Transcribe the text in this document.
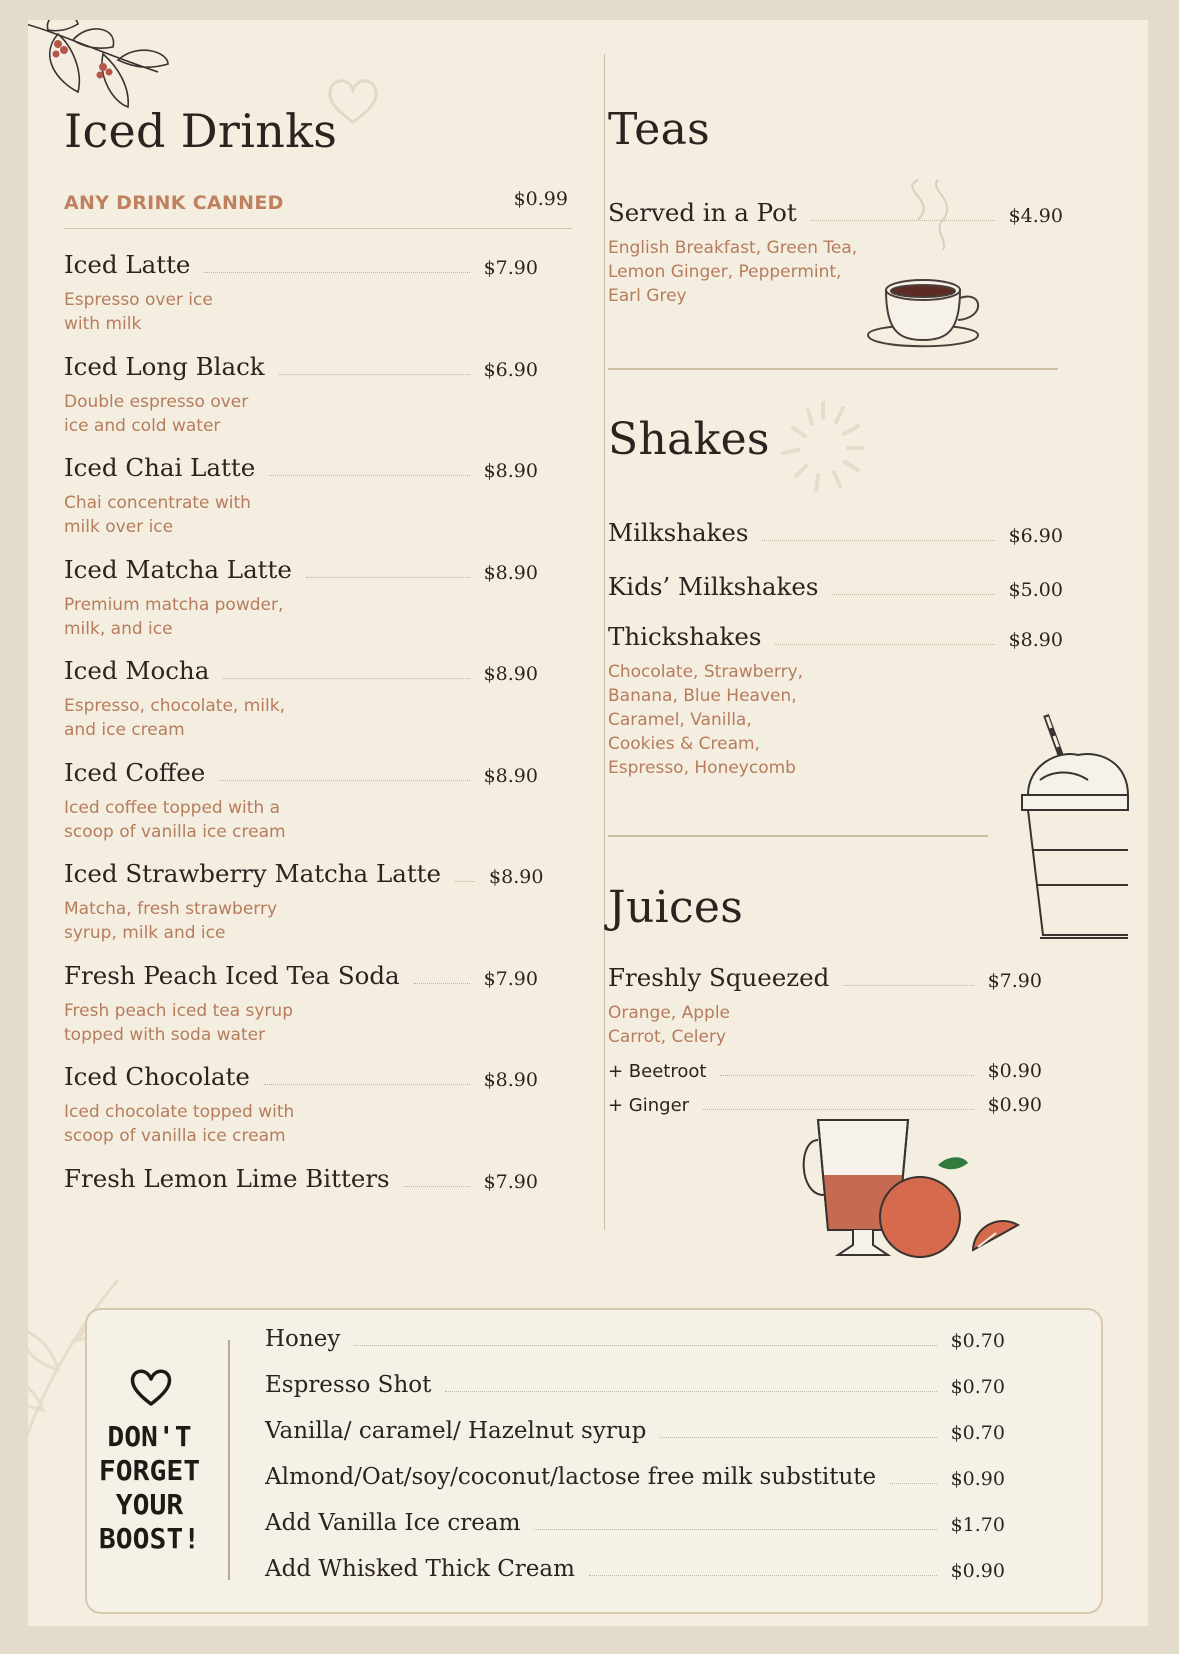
Iced Drinks
ANY DRINK CANNED	$0.99
Iced Latte	$7.90
Espresso over ice
with milk
Iced Long Black	$6.90
Double espresso over
ice and cold water
Iced Chai Latte	$8.90
Chai concentrate with
milk over ice
Iced Matcha Latte	$8.90
Premium matcha powder,
milk, and ice
Iced Mocha	$8.90
Espresso, chocolate, milk,
and ice cream
Iced Coffee	$8.90
Iced coffee topped with a
scoop of vanilla ice cream
Iced Strawberry Matcha Latte	$8.90
Matcha, fresh strawberry
syrup, milk and ice
Fresh Peach Iced Tea Soda	$7.90
Fresh peach iced tea syrup
topped with soda water
Iced Chocolate	$8.90
Iced chocolate topped with
scoop of vanilla ice cream
Fresh Lemon Lime Bitters	$7.90
Teas
Served in a Pot	$4.90
English Breakfast, Green Tea,
Lemon Ginger, Peppermint,
Earl Grey
Shakes
Milkshakes	$6.90
Kids’ Milkshakes	$5.00
Thickshakes	$8.90
Chocolate, Strawberry,
Banana, Blue Heaven,
Caramel, Vanilla,
Cookies & Cream,
Espresso, Honeycomb
Juices
Freshly Squeezed	$7.90
Orange, Apple
Carrot, Celery
+ Beetroot	$0.90
+ Ginger	$0.90
DON'T
FORGET
YOUR
BOOST!
Honey	$0.70
Espresso Shot	$0.70
Vanilla/ caramel/ Hazelnut syrup	$0.70
Almond/Oat/soy/coconut/lactose free milk substitute	$0.90
Add Vanilla Ice cream	$1.70
Add Whisked Thick Cream	$0.90
